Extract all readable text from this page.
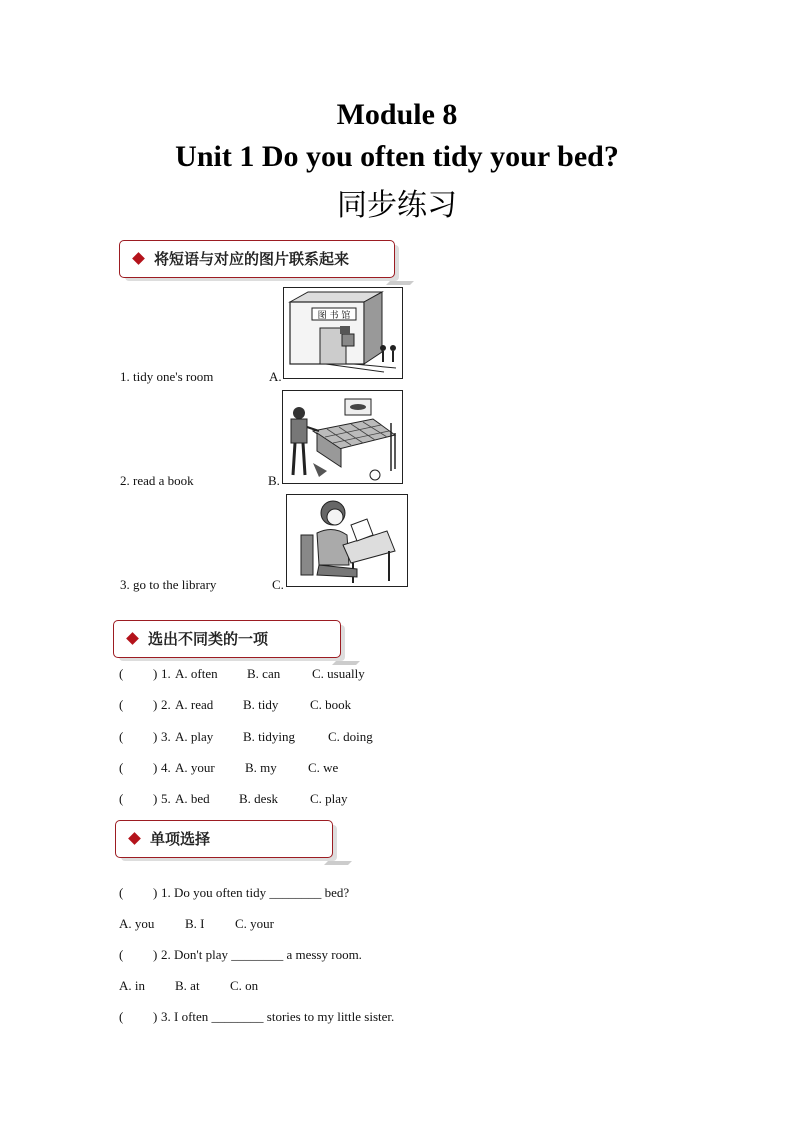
Module 8
Unit 1 Do you often tidy your bed?
同步练习
将短语与对应的图片联系起来
1. tidy one's room	A.
2. read a book	B.
3. go to the library	C.
图 书 馆
选出不同类的一项
( ) 1. A. often B. can C. usually
( ) 2. A. read B. tidy C. book
( ) 3. A. play B. tidying	C. doing
( ) 4. A. your B. my C. we
( ) 5. A. bed B. desk C. play
单项选择
( ) 1. Do you often tidy ________ bed?
A. you B. I C. your
( ) 2. Don't play ________ a messy room.
A. in B. at C. on
( ) 3. I often ________ stories to my little sister.
